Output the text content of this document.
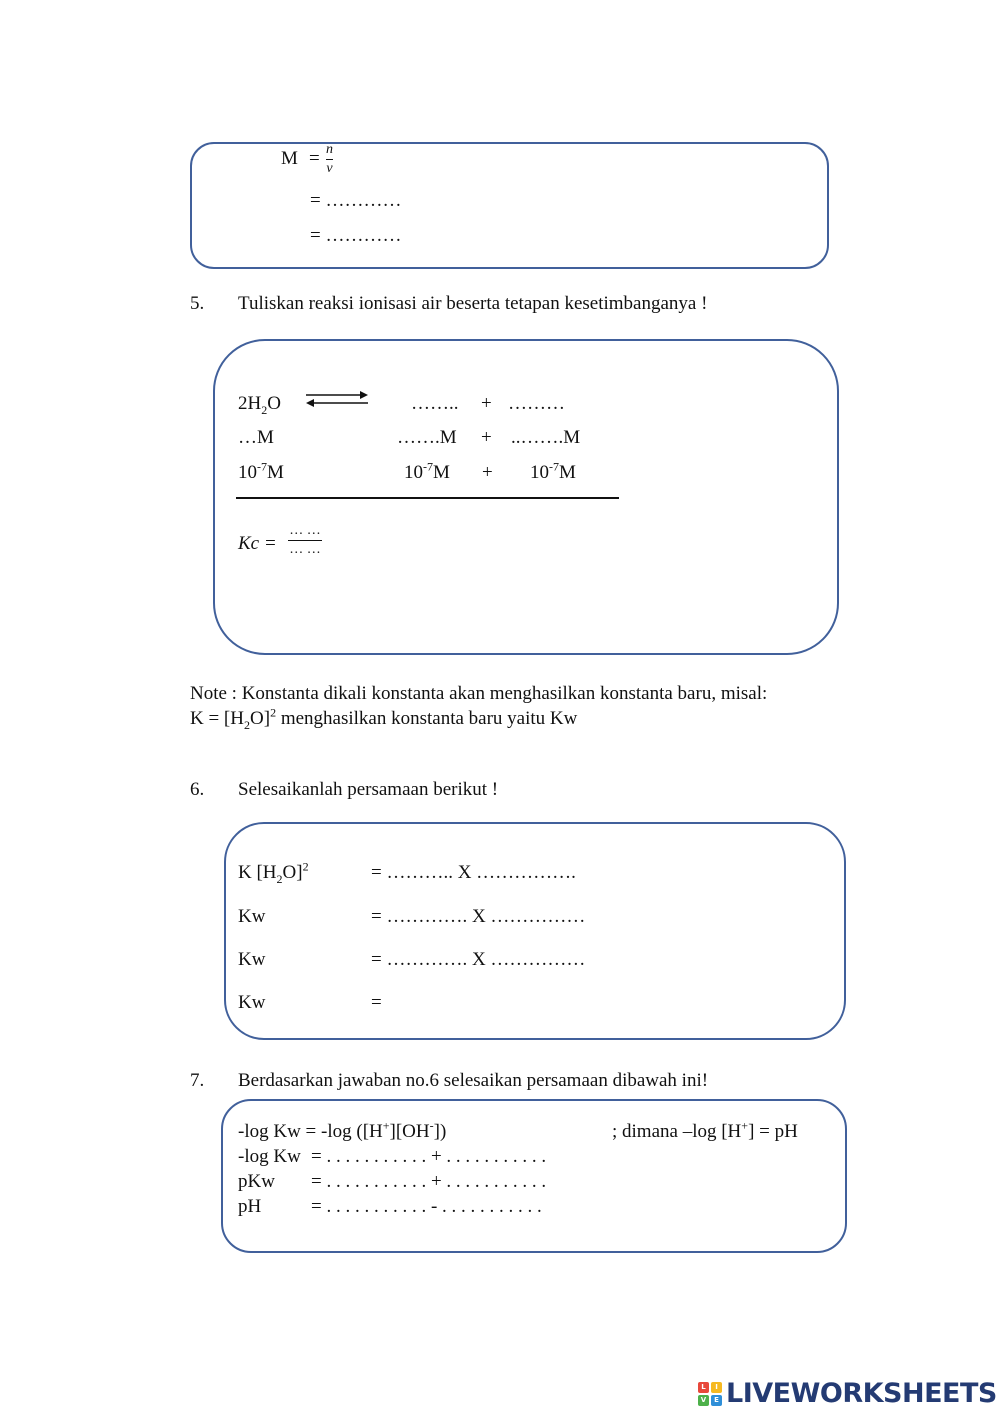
M = n
v
= …………
= …………
5. Tuliskan reaksi ionisasi air beserta tetapan kesetimbanganya !
$2H_2O$ ⇌ …….. + ………
…M	…….M + ..…….M
$10^{-7}M$	$10^{-7}M + 10^{-7}M$
Kc =
… …
… …
Note : Konstanta dikali konstanta akan menghasilkan konstanta baru, misal:
$K = [H_2O]^2$ menghasilkan konstanta baru yaitu Kw
6. Selesaikanlah persamaan berikut !
K $[H_2O]^2$	= ……….. X …………….
Kw	= …………. X ……………
Kw	= …………. X ……………
Kw	=
7. Berdasarkan jawaban no.6 selesaikan persamaan dibawah ini!
-log Kw = -log ([H+][OH-])	; dimana –log [H+] = pH
-log Kw = . . . . . . . . . . . + . . . . . . . . . . .
pKw = . . . . . . . . . . . + . . . . . . . . . . .
pH	= . . . . . . . . . . . - . . . . . . . . . . .
L	I
V	E LIVEWORKSHEETS
